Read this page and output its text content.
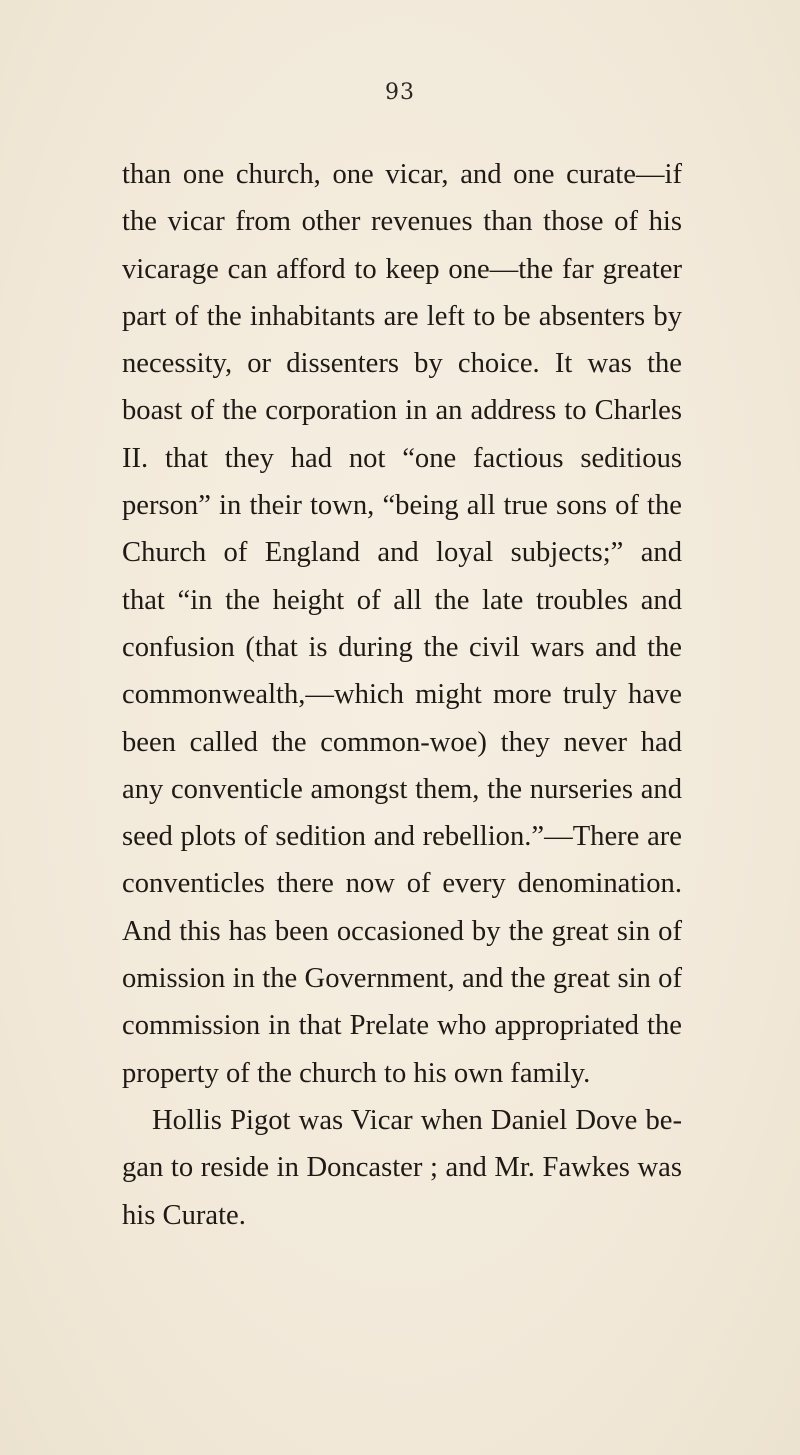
93
than one church, one vicar, and one curate—if
the vicar from other revenues than those of his
vicarage can afford to keep one—the far greater
part of the inhabitants are left to be absenters by
necessity, or dissenters by choice. It was the
boast of the corporation in an address to Charles
II. that they had not “one factious seditious
person” in their town, “being all true sons of the
Church of England and loyal subjects;” and
that “in the height of all the late troubles and
confusion (that is during the civil wars and the
commonwealth,—which might more truly have
been called the common-woe) they never had
any conventicle amongst them, the nurseries and
seed plots of sedition and rebellion.”—There are
conventicles there now of every denomination.
And this has been occasioned by the great sin of
omission in the Government, and the great sin of
commission in that Prelate who appropriated the
property of the church to his own family.
Hollis Pigot was Vicar when Daniel Dove be-
gan to reside in Doncaster ; and Mr. Fawkes was
his Curate.
